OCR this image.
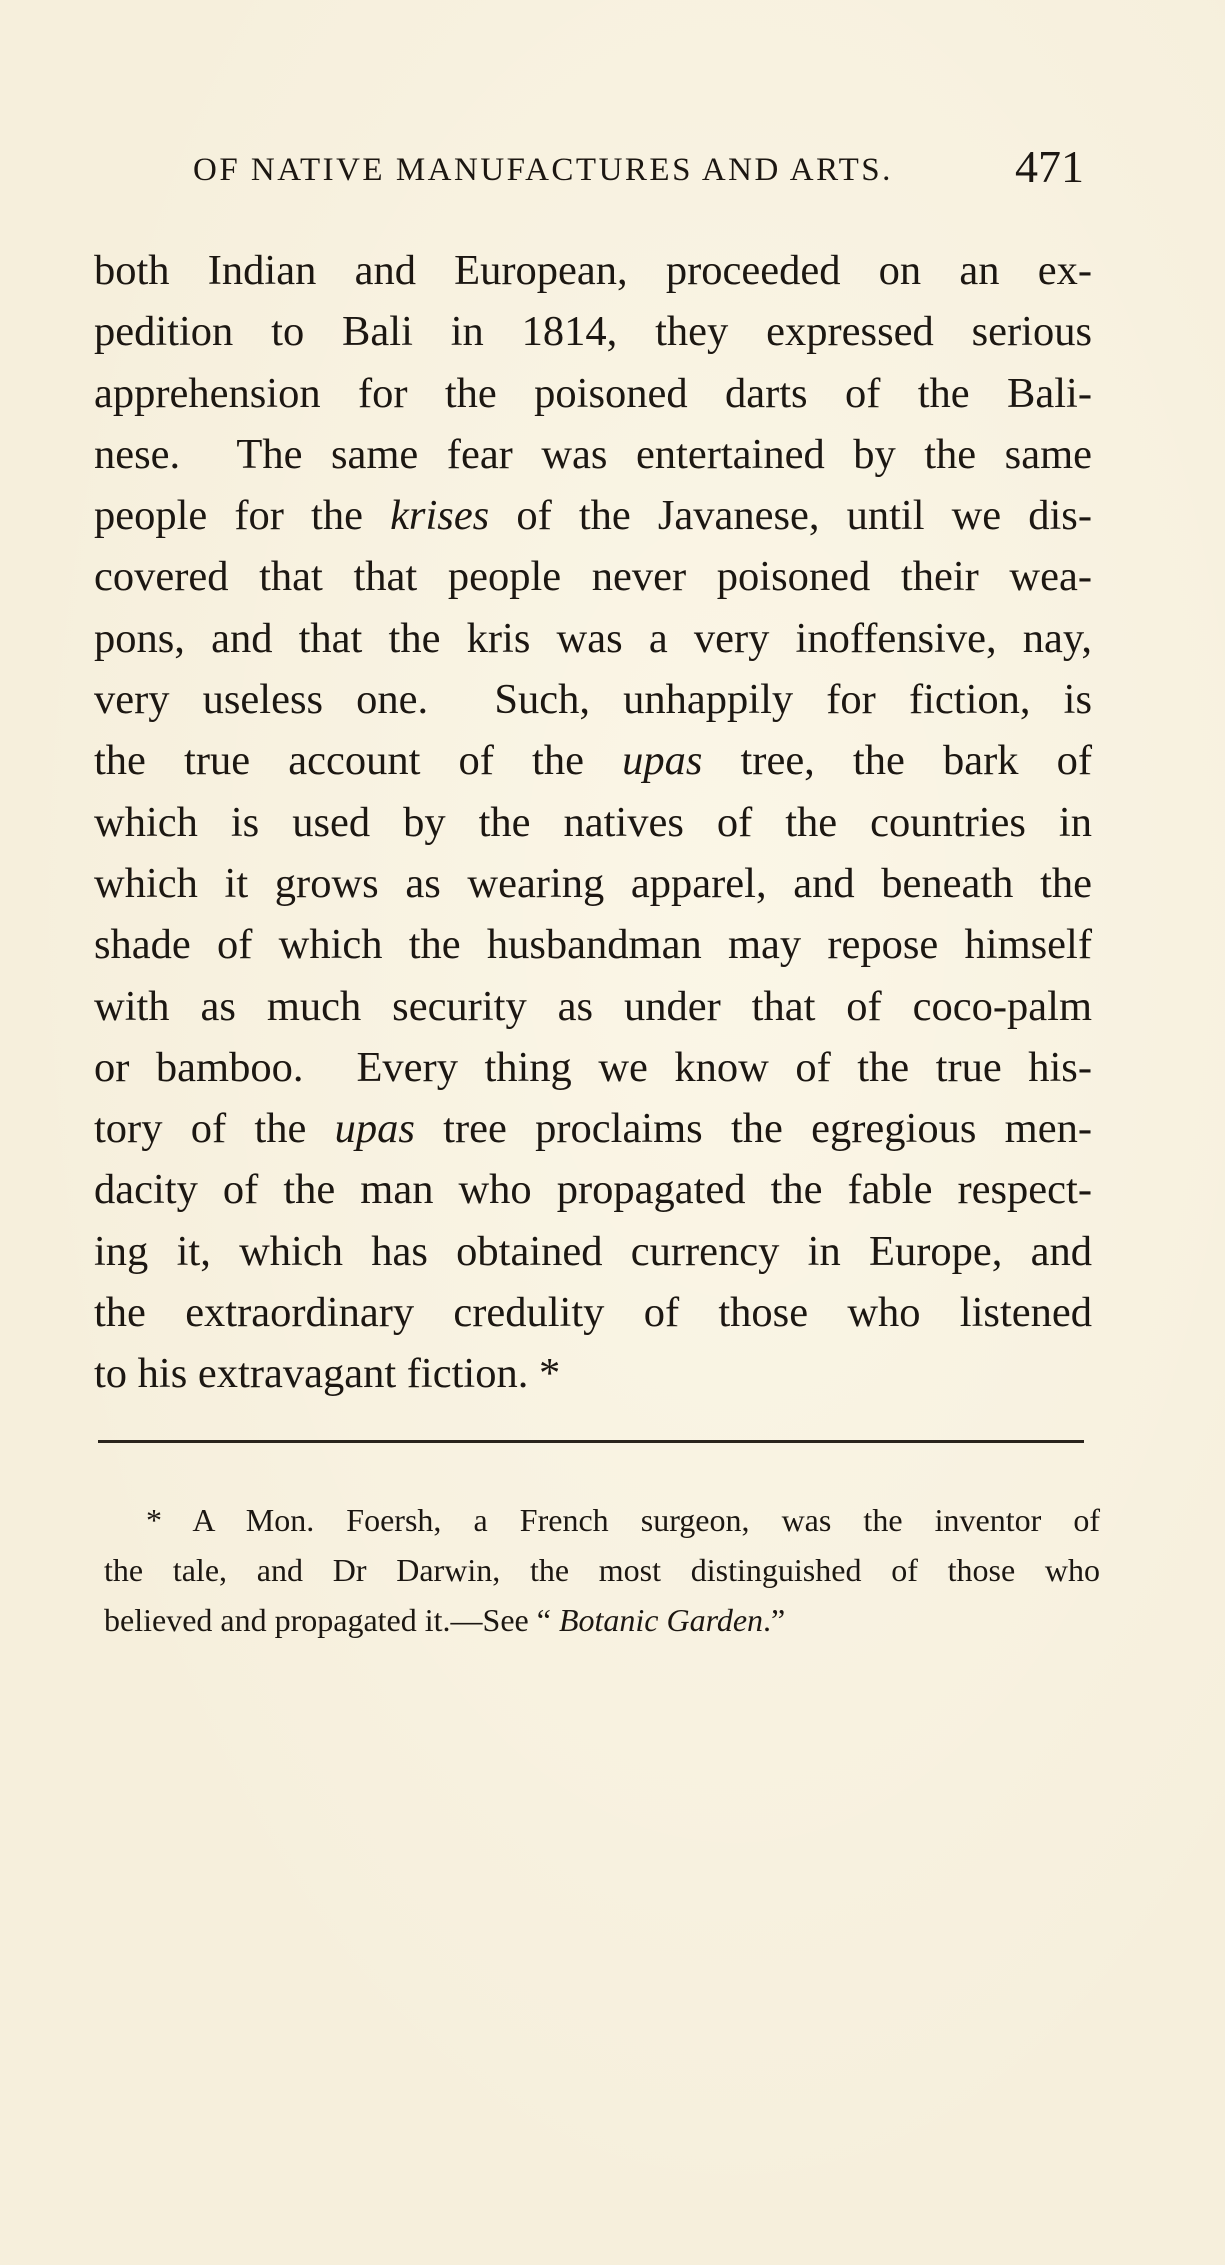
OF NATIVE MANUFACTURES AND ARTS.	471
both Indian and European, proceeded on an ex-
pedition to Bali in 1814, they expressed serious
apprehension for the poisoned darts of the Bali-
nese.  The same fear was entertained by the same
people for the krises of the Javanese, until we dis-
covered that that people never poisoned their wea-
pons, and that the kris was a very inoffensive, nay,
very useless one.  Such, unhappily for fiction, is
the true account of the upas tree, the bark of
which is used by the natives of the countries in
which it grows as wearing apparel, and beneath the
shade of which the husbandman may repose himself
with as much security as under that of coco-palm
or bamboo.  Every thing we know of the true his-
tory of the upas tree proclaims the egregious men-
dacity of the man who propagated the fable respect-
ing it, which has obtained currency in Europe, and
the extraordinary credulity of those who listened
to his extravagant fiction. *
* A Mon. Foersh, a French surgeon, was the inventor of
the tale, and Dr Darwin, the most distinguished of those who
believed and propagated it.—See “ Botanic Garden.”
